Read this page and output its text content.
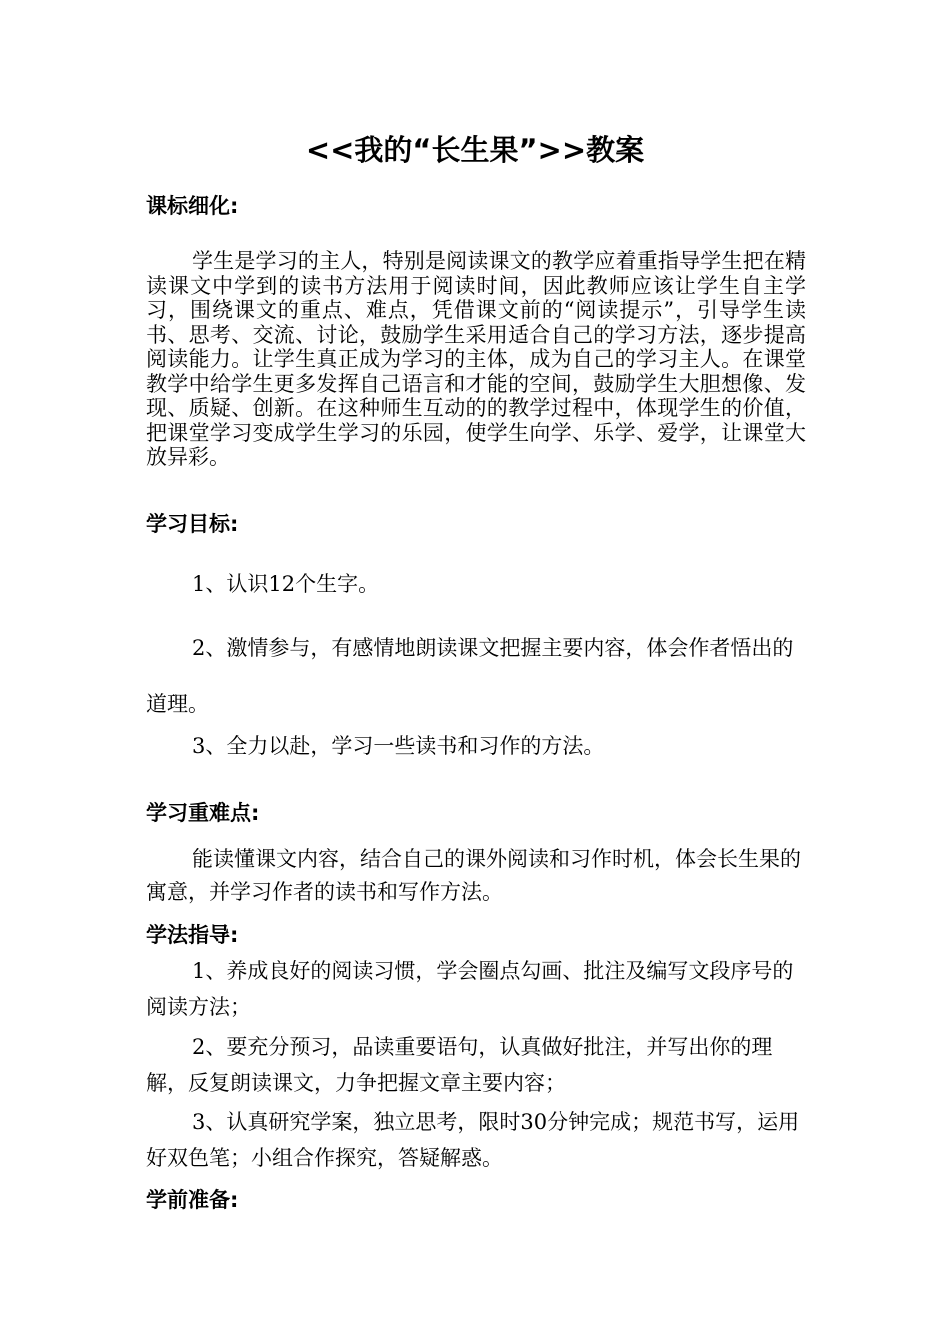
<<我的“长生果”>>教案
课标细化:
学生是学习的主人，特别是阅读课文的教学应着重指导学生把在精读课文中学到的读书方法用于阅读时间，因此教师应该让学生自主学习，围绕课文的重点、难点，凭借课文前的“阅读提示”，引导学生读书、思考、交流、讨论，鼓励学生采用适合自己的学习方法，逐步提高阅读能力。让学生真正成为学习的主体，成为自己的学习主人。在课堂教学中给学生更多发挥自己语言和才能的空间，鼓励学生大胆想像、发现、质疑、创新。在这种师生互动的的教学过程中，体现学生的价值，把课堂学习变成学生学习的乐园，使学生向学、乐学、爱学，让课堂大放异彩。
学习目标:
1、认识12个生字。
2、激情参与，有感情地朗读课文把握主要内容，体会作者悟出的道理。
3、全力以赴，学习一些读书和习作的方法。
学习重难点:
能读懂课文内容，结合自己的课外阅读和习作时机，体会长生果的寓意，并学习作者的读书和写作方法。
学法指导:
1、养成良好的阅读习惯，学会圈点勾画、批注及编写文段序号的阅读方法；
2、要充分预习，品读重要语句，认真做好批注，并写出你的理解，反复朗读课文，力争把握文章主要内容；
3、认真研究学案，独立思考，限时30分钟完成；规范书写，运用好双色笔；小组合作探究，答疑解惑。
学前准备:
